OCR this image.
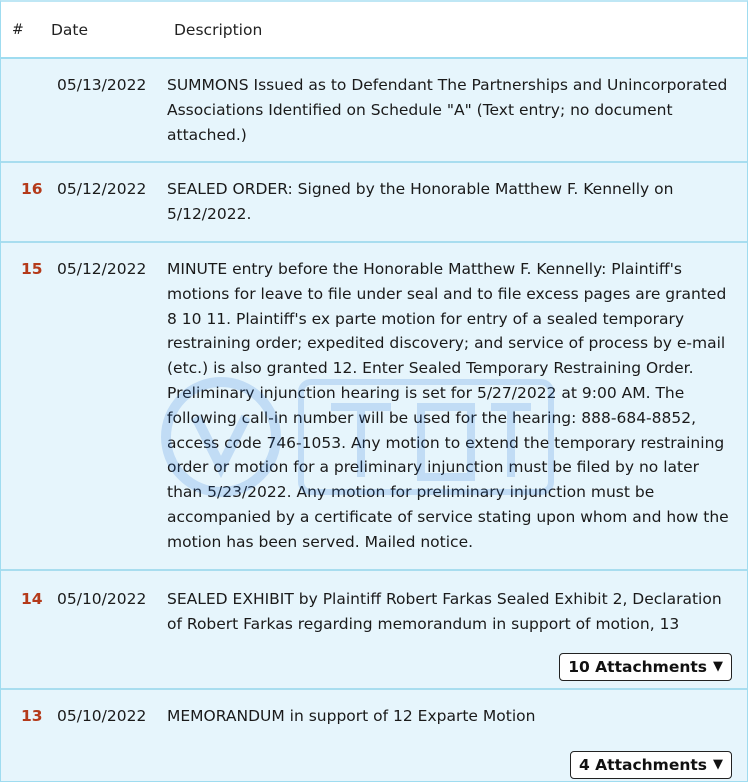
#	Date	Description
05/13/2022	SUMMONS Issued as to Defendant The Partnerships and Unincorporated Associations Identified on Schedule "A" (Text entry; no document attached.)
16 05/12/2022	SEALED ORDER: Signed by the Honorable Matthew F. Kennelly on 5/12/2022.
15 05/12/2022	MINUTE entry before the Honorable Matthew F. Kennelly: Plaintiff's motions for leave to file under seal and to file excess pages are granted 8 10 11. Plaintiff's ex parte motion for entry of a sealed temporary restraining order; expedited discovery; and service of process by e-mail (etc.) is also granted 12. Enter Sealed Temporary Restraining Order. Preliminary injunction hearing is set for 5/27/2022 at 9:00 AM. The following call-in number will be used for the hearing: 888-684-8852, access code 746-1053. Any motion to extend the temporary restraining order or motion for a preliminary injunction must be filed by no later than 5/23/2022. Any motion for preliminary injunction must be accompanied by a certificate of service stating upon whom and how the motion has been served. Mailed notice.
14 05/10/2022	SEALED EXHIBIT by Plaintiff Robert Farkas Sealed Exhibit 2, Declaration of Robert Farkas regarding memorandum in support of motion, 13
10 Attachments ▼
13 05/10/2022	MEMORANDUM in support of 12 Exparte Motion
4 Attachments ▼
